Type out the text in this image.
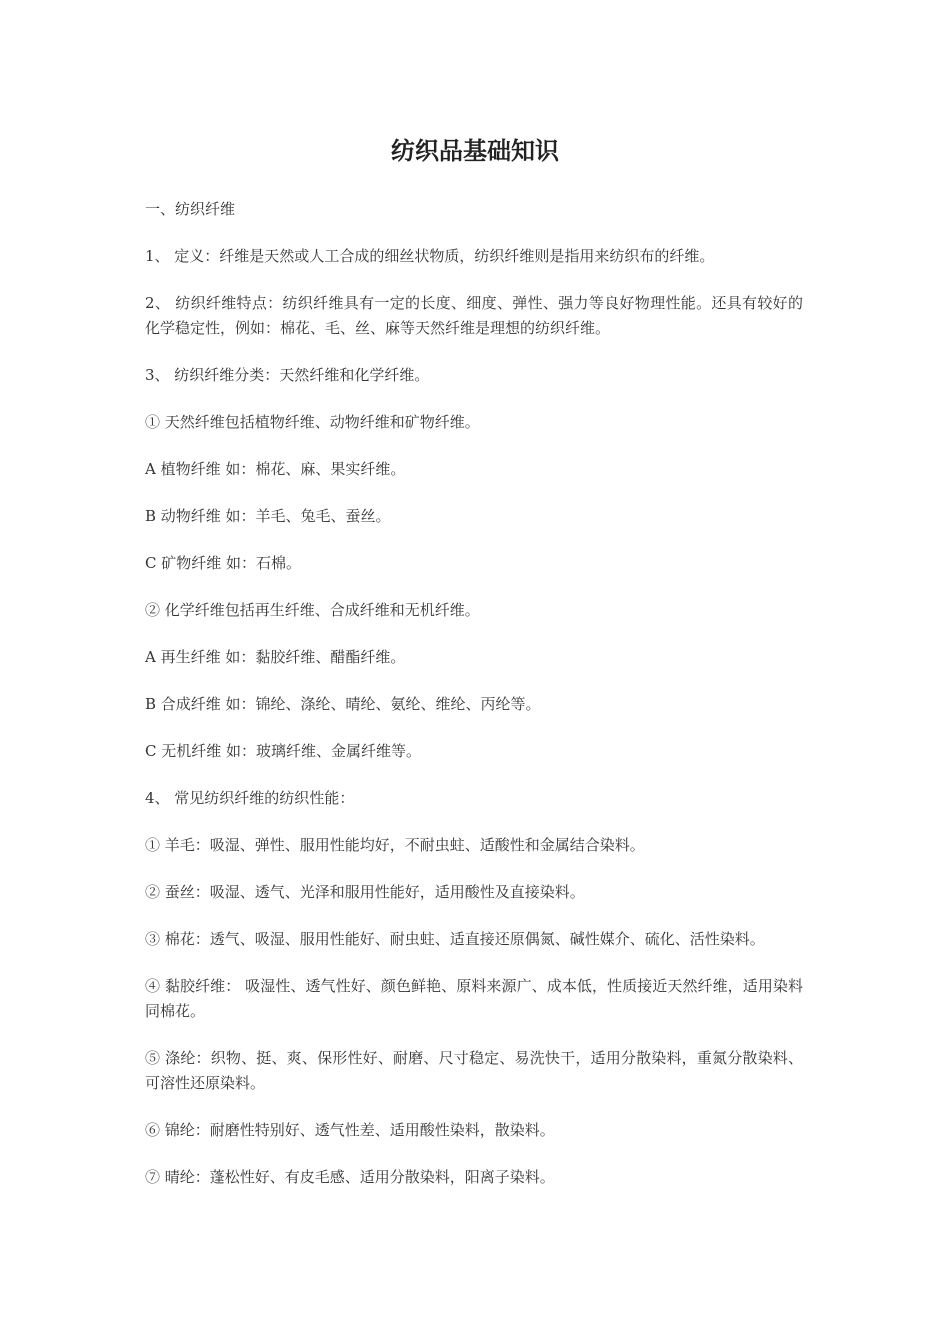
纺织品基础知识

一、纺织纤维

1、 定义：纤维是天然或人工合成的细丝状物质，纺织纤维则是指用来纺织布的纤维。

2、 纺织纤维特点：纺织纤维具有一定的长度、细度、弹性、强力等良好物理性能。还具有较好的化学稳定性，例如：棉花、毛、丝、麻等天然纤维是理想的纺织纤维。

3、 纺织纤维分类：天然纤维和化学纤维。

① 天然纤维包括植物纤维、动物纤维和矿物纤维。

A 植物纤维 如：棉花、麻、果实纤维。

B 动物纤维 如：羊毛、兔毛、蚕丝。

C 矿物纤维 如：石棉。

② 化学纤维包括再生纤维、合成纤维和无机纤维。

A 再生纤维 如：黏胶纤维、醋酯纤维。

B 合成纤维 如：锦纶、涤纶、晴纶、氨纶、维纶、丙纶等。

C 无机纤维 如：玻璃纤维、金属纤维等。

4、 常见纺织纤维的纺织性能：

① 羊毛：吸湿、弹性、服用性能均好，不耐虫蛀、适酸性和金属结合染料。

② 蚕丝：吸湿、透气、光泽和服用性能好，适用酸性及直接染料。

③ 棉花：透气、吸湿、服用性能好、耐虫蛀、适直接还原偶氮、碱性媒介、硫化、活性染料。

④ 黏胶纤维： 吸湿性、透气性好、颜色鲜艳、原料来源广、成本低，性质接近天然纤维，适用染料同棉花。

⑤ 涤纶：织物、挺、爽、保形性好、耐磨、尺寸稳定、易洗快干，适用分散染料，重氮分散染料、可溶性还原染料。

⑥ 锦纶：耐磨性特别好、透气性差、适用酸性染料，散染料。

⑦ 晴纶：蓬松性好、有皮毛感、适用分散染料，阳离子染料。
